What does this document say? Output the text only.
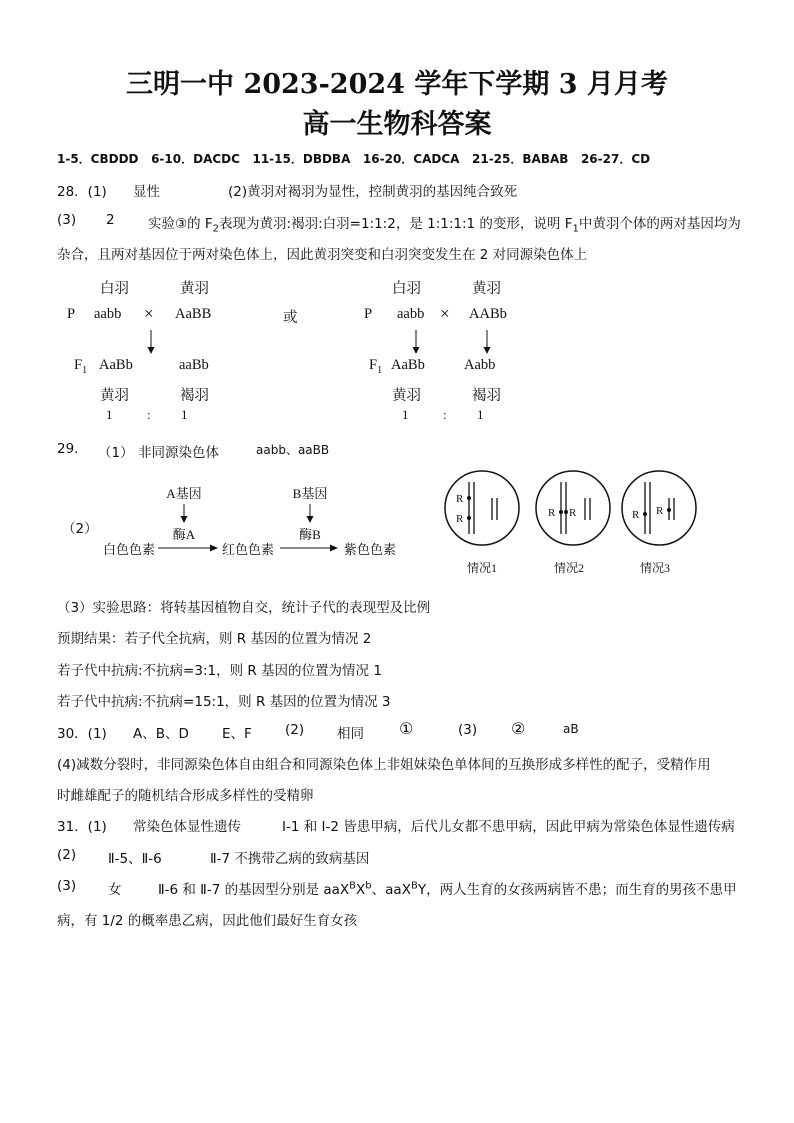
三明一中 2023-2024 学年下学期 3 月月考
高一生物科答案
1-5．CBDDD 6-10．DACDC 11-15．DBDBA 16-20．CADCA 21-25．BABAB 26-27．CD
28．(1) 显性	(2)黄羽对褐羽为显性，控制黄羽的基因纯合致死
(3) 2 实验③的 $F_2$表现为黄羽:褐羽:白羽=1:1:2，是 1:1:1:1 的变形，说明 $F_1$中黄羽个体的两对基因均为
杂合，且两对基因位于两对染色体上，因此黄羽突变和白羽突变发生在 2 对同源染色体上
白羽	黄羽
P aabb × AaBB
$F_1$ AaBb	aaBb
黄羽	褐羽
1	: 1
或
白羽	黄羽
P aabb × AABb
$F_1$ AaBb	Aabb
黄羽	褐羽
1	: 1
29. （1） 非同源染色体	aabb、aaBB
（2）
A基因
酶A
B基因
酶B
白色色素	红色色素	紫色色素
R
R
情况1
R R
情况2
R R
情况3
（3）实验思路：将转基因植物自交，统计子代的表现型及比例
预期结果：若子代全抗病，则 R 基因的位置为情况 2
若子代中抗病:不抗病=3:1，则 R 基因的位置为情况 1
若子代中抗病:不抗病=15:1，则 R 基因的位置为情况 3
30．(1) A、B、D E、F (2) 相同 ①	(3) ②	aB
(4)减数分裂时，非同源染色体自由组合和同源染色体上非姐妹染色单体间的互换形成多样性的配子，受精作用
时雌雄配子的随机结合形成多样性的受精卵
31．(1) 常染色体显性遗传	Ⅰ-1 和 Ⅰ-2 皆患甲病，后代儿女都不患甲病，因此甲病为常染色体显性遗传病
(2) Ⅱ-5、Ⅱ-6	Ⅱ-7 不携带乙病的致病基因
(3) 女	Ⅱ-6 和 Ⅱ-7 的基因型分别是 $aaX^BX^b$、aaX$^B$Y，两人生育的女孩两病皆不患；而生育的男孩不患甲
病，有 1/2 的概率患乙病，因此他们最好生育女孩
